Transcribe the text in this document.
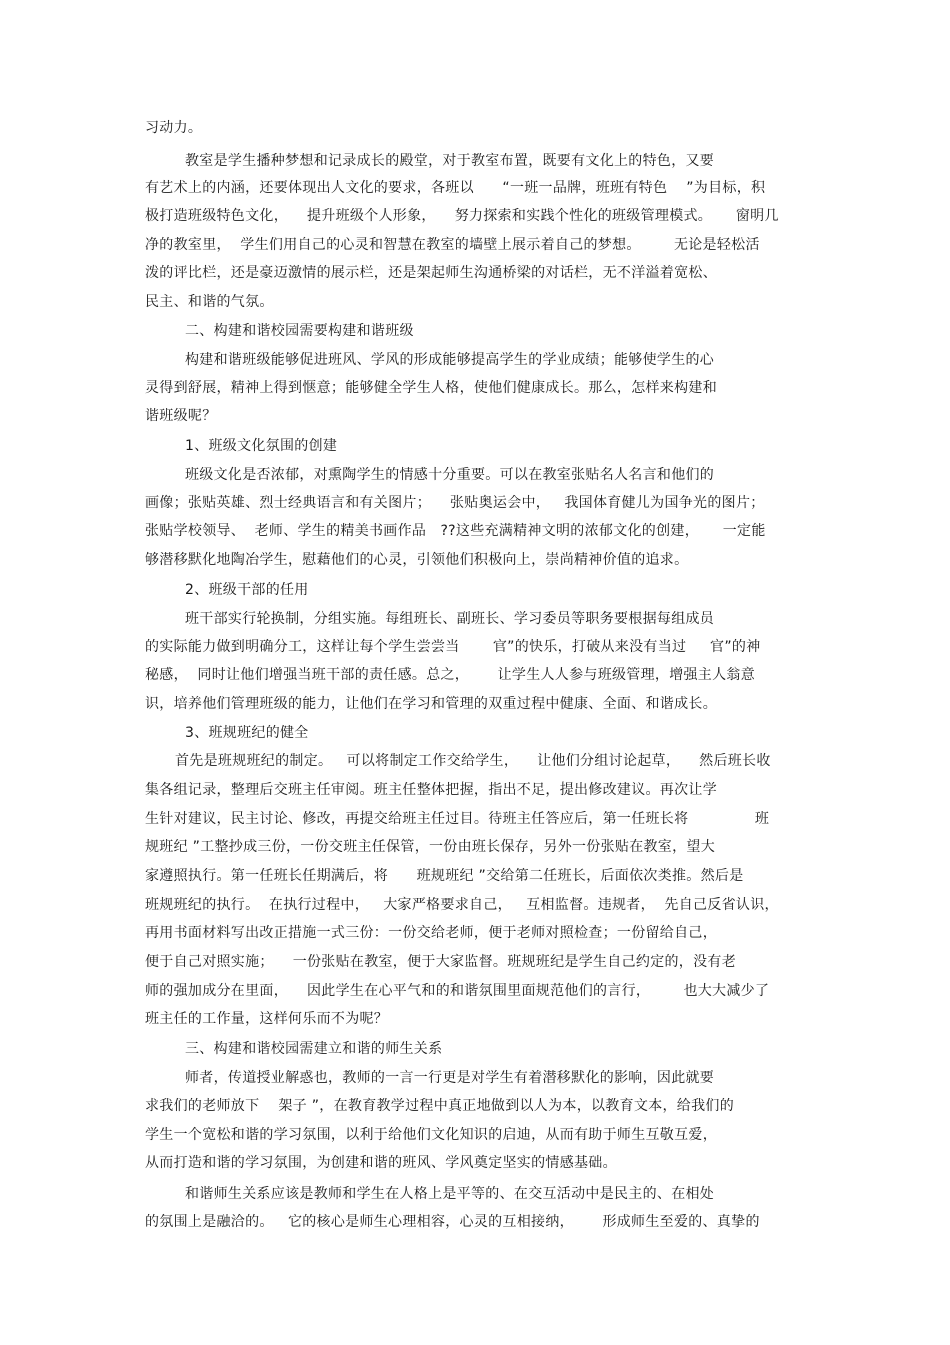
习动力。
教室是学生播种梦想和记录成长的殿堂，对于教室布置，既要有文化上的特色，又要
有艺术上的内涵，还要体现出人文化的要求，各班以      “一班一品牌，班班有特色    ”为目标，积
极打造班级特色文化，    提升班级个人形象，    努力探索和实践个性化的班级管理模式。     窗明几
净的教室里，  学生们用自己的心灵和智慧在教室的墙壁上展示着自己的梦想。       无论是轻松活
泼的评比栏，还是豪迈激情的展示栏，还是架起师生沟通桥梁的对话栏，无不洋溢着宽松、
民主、和谐的气氛。
二、构建和谐校园需要构建和谐班级
构建和谐班级能够促进班风、学风的形成能够提高学生的学业成绩；能够使学生的心
灵得到舒展，精神上得到惬意；能够健全学生人格，使他们健康成长。那么，怎样来构建和
谐班级呢？
1、班级文化氛围的创建
班级文化是否浓郁，对熏陶学生的情感十分重要。可以在教室张贴名人名言和他们的
画像；张贴英雄、烈士经典语言和有关图片；    张贴奥运会中，   我国体育健儿为国争光的图片；
张贴学校领导、  老师、学生的精美书画作品   ??这些充满精神文明的浓郁文化的创建，     一定能
够潜移默化地陶冶学生，慰藉他们的心灵，引领他们积极向上，崇尚精神价值的追求。
2、班级干部的任用
班干部实行轮换制，分组实施。每组班长、副班长、学习委员等职务要根据每组成员
的实际能力做到明确分工，这样让每个学生尝尝当       官”的快乐，打破从来没有当过     官”的神
秘感，  同时让他们增强当班干部的责任感。总之，      让学生人人参与班级管理，增强主人翁意
识，培养他们管理班级的能力，让他们在学习和管理的双重过程中健康、全面、和谐成长。
3、班规班纪的健全
首先是班规班纪的制定。   可以将制定工作交给学生，    让他们分组讨论起草，    然后班长收
集各组记录，整理后交班主任审阅。班主任整体把握，指出不足，提出修改建议。再次让学
生针对建议，民主讨论、修改，再提交给班主任过目。待班主任答应后，第一任班长将              班
规班纪 ”工整抄成三份，一份交班主任保管，一份由班长保存，另外一份张贴在教室，望大
家遵照执行。第一任班长任期满后，将      班规班纪 ”交给第二任班长，后面依次类推。然后是
班规班纪的执行。  在执行过程中，   大家严格要求自己，   互相监督。违规者，  先自己反省认识，
再用书面材料写出改正措施一式三份：一份交给老师，便于老师对照检查；一份留给自己，
便于自己对照实施；    一份张贴在教室，便于大家监督。班规班纪是学生自己约定的，没有老
师的强加成分在里面，    因此学生在心平气和的和谐氛围里面规范他们的言行，       也大大减少了
班主任的工作量，这样何乐而不为呢？
三、构建和谐校园需建立和谐的师生关系
师者，传道授业解惑也，教师的一言一行更是对学生有着潜移默化的影响，因此就要
求我们的老师放下    架子 ”，在教育教学过程中真正地做到以人为本，以教育文本，给我们的
学生一个宽松和谐的学习氛围，以利于给他们文化知识的启迪，从而有助于师生互敬互爱，
从而打造和谐的学习氛围，为创建和谐的班风、学风奠定坚实的情感基础。
和谐师生关系应该是教师和学生在人格上是平等的、在交互活动中是民主的、在相处
的氛围上是融洽的。   它的核心是师生心理相容，心灵的互相接纳，      形成师生至爱的、真挚的
